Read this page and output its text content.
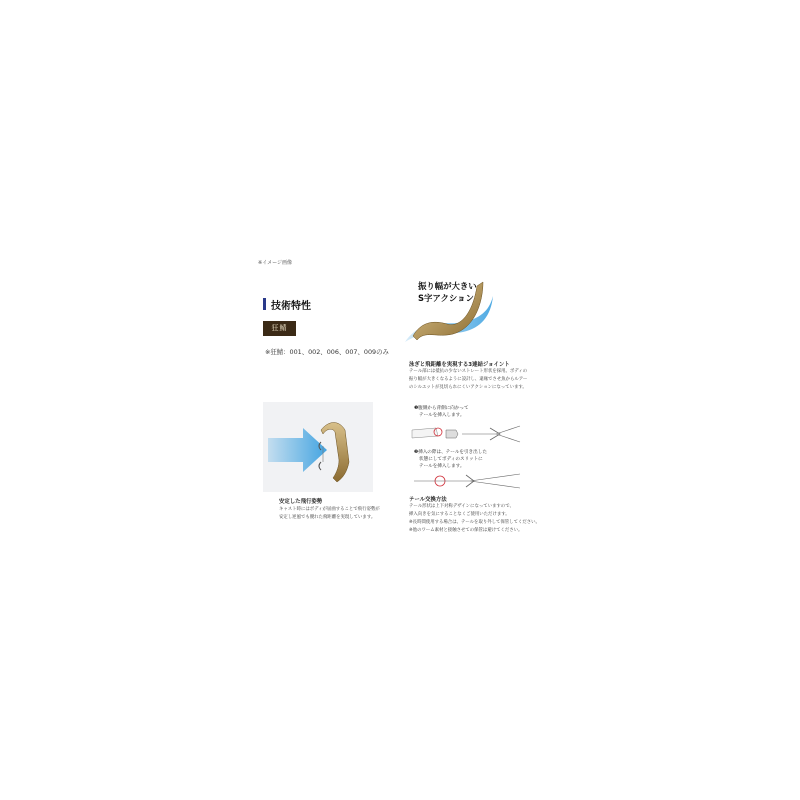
※イメージ画像
技術特性
狂鯖
※狂鯖：001、002、006、007、009のみ
安定した飛行姿勢
キャスト時にはボディが屈曲することで飛行姿勢が
安定し逆風でも優れた飛距離を実現しています。
振り幅が大きい
S字アクション
泳ぎと飛距離を実現する3連結ジョイント
テール部には抵抗の少ないストレート形状を採用。ボディの
振り幅が大きくなるように設計し、遠缘でさせ魚からルアー
のシルエットが見切られにくいアクションになっています。
❶腹側から背側に向かって
テールを挿入します。
❷挿入の際は、テールを引き出した
状態にしてボディのスリットに
テールを挿入します。
テール交換方法
テール形状は上下対称デザインになっていますので、
挿入向きを気にすることなくご使用いただけます。
※長時間使用する場合は、テールを取り外して保管してください。
※他のワーム素材と接触させての保管は避けてください。
